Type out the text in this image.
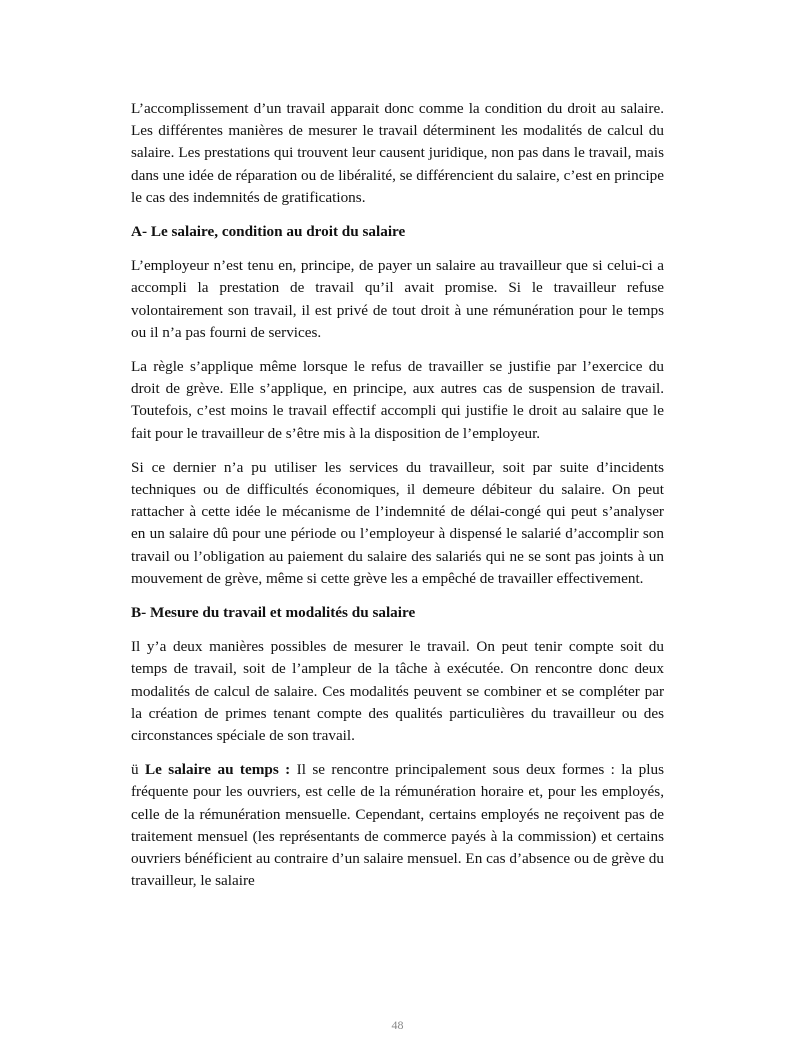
L’accomplissement d’un travail apparait donc comme la condition du droit au salaire. Les différentes manières de mesurer le travail déterminent les modalités de calcul du salaire. Les prestations qui trouvent leur causent juridique, non pas dans le travail, mais dans une idée de réparation ou de libéralité, se différencient du salaire, c’est en principe le cas des indemnités de gratifications.

A- Le salaire, condition au droit du salaire

L’employeur n’est tenu en, principe, de payer un salaire au travailleur que si celui-ci a accompli la prestation de travail qu’il avait promise. Si le travailleur refuse volontairement son travail, il est privé de tout droit à une rémunération pour le temps ou il n’a pas fourni de services.

La règle s’applique même lorsque le refus de travailler se justifie par l’exercice du droit de grève. Elle s’applique, en principe, aux autres cas de suspension de travail. Toutefois, c’est moins le travail effectif accompli qui justifie le droit au salaire que le fait pour le travailleur de s’être mis à la disposition de l’employeur.

Si ce dernier n’a pu utiliser les services du travailleur, soit par suite d’incidents techniques ou de difficultés économiques, il demeure débiteur du salaire. On peut rattacher à cette idée le mécanisme de l’indemnité de délai-congé qui peut s’analyser en un salaire dû pour une période ou l’employeur à dispensé le salarié d’accomplir son travail ou l’obligation au paiement du salaire des salariés qui ne se sont pas joints à un mouvement de grève, même si cette grève les a empêché de travailler effectivement.

B- Mesure du travail et modalités du salaire

Il y’a deux manières possibles de mesurer le travail. On peut tenir compte soit du temps de travail, soit de l’ampleur de la tâche à exécutée. On rencontre donc deux modalités de calcul de salaire. Ces modalités peuvent se combiner et se compléter par la création de primes tenant compte des qualités particulières du travailleur ou des circonstances spéciale de son travail.

ü Le salaire au temps : Il se rencontre principalement sous deux formes : la plus fréquente pour les ouvriers, est celle de la rémunération horaire et, pour les employés, celle de la rémunération mensuelle. Cependant, certains employés ne reçoivent pas de traitement mensuel (les représentants de commerce payés à la commission) et certains ouvriers bénéficient au contraire d’un salaire mensuel. En cas d’absence ou de grève du travailleur, le salaire

48
